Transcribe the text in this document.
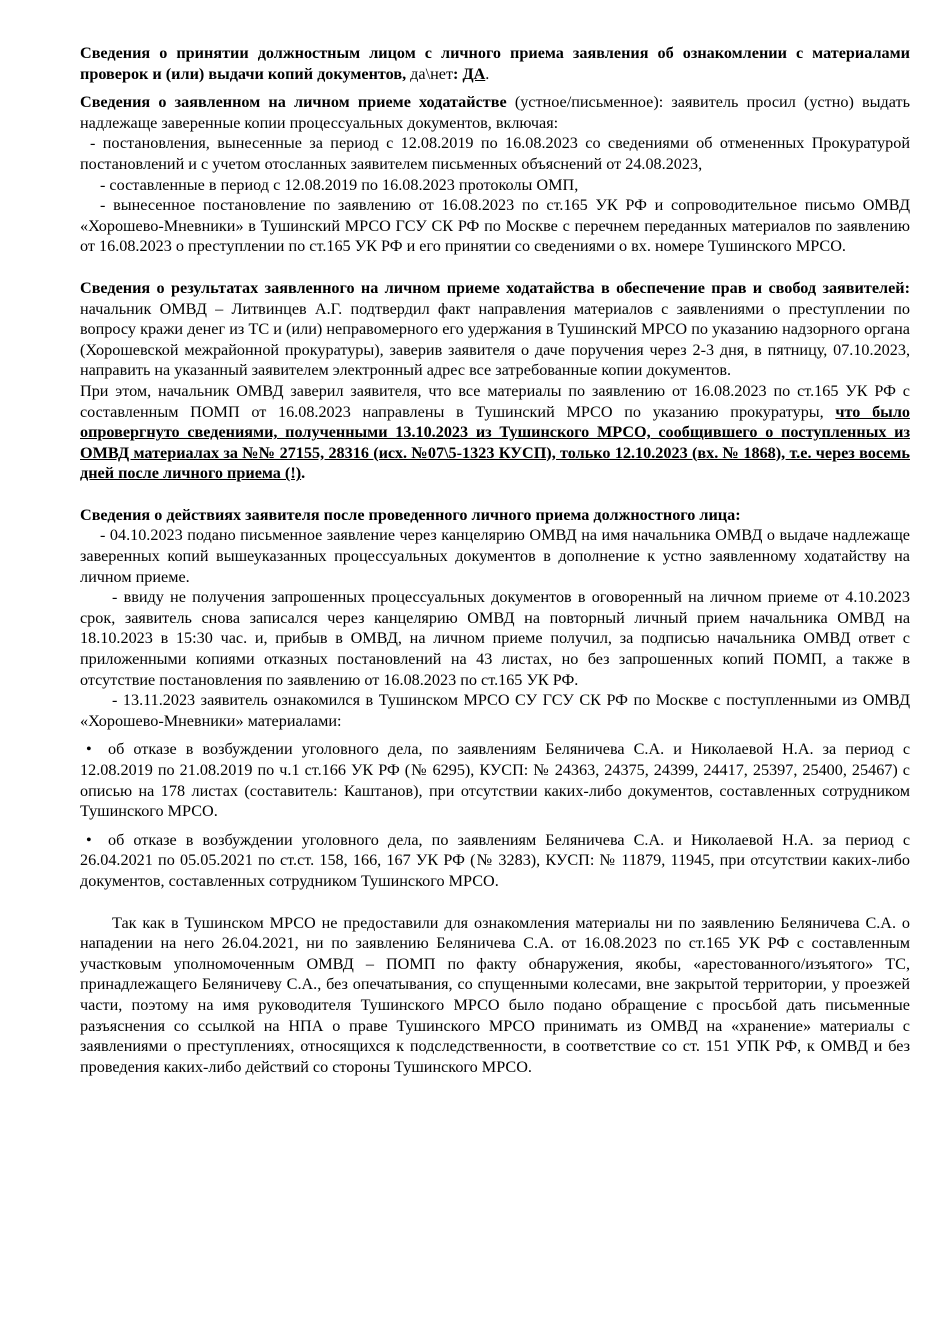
Сведения о принятии должностным лицом с личного приема заявления об ознакомлении с материалами проверок и (или) выдачи копий документов, да\нет: ДА.

Сведения о заявленном на личном приеме ходатайстве (устное/письменное): заявитель просил (устно) выдать надлежаще заверенные копии процессуальных документов, включая:

- постановления, вынесенные за период с 12.08.2019 по 16.08.2023 со сведениями об отмененных Прокуратурой постановлений и с учетом отосланных заявителем письменных объяснений от 24.08.2023,

- составленные в период с 12.08.2019 по 16.08.2023 протоколы ОМП,

- вынесенное постановление по заявлению от 16.08.2023 по ст.165 УК РФ и сопроводительное письмо ОМВД «Хорошево-Мневники» в Тушинский МРСО ГСУ СК РФ по Москве с перечнем переданных материалов по заявлению от 16.08.2023 о преступлении по ст.165 УК РФ и его принятии со сведениями о вх. номере Тушинского МРСО.

Сведения о результатах заявленного на личном приеме ходатайства в обеспечение прав и свобод заявителей: начальник ОМВД – Литвинцев А.Г. подтвердил факт направления материалов с заявлениями о преступлении по вопросу кражи денег из ТС и (или) неправомерного его удержания в Тушинский МРСО по указанию надзорного органа (Хорошевской межрайонной прокуратуры), заверив заявителя о даче поручения через 2-3 дня, в пятницу, 07.10.2023, направить на указанный заявителем электронный адрес все затребованные копии документов.

При этом, начальник ОМВД заверил заявителя, что все материалы по заявлению от 16.08.2023 по ст.165 УК РФ с составленным ПОМП от 16.08.2023 направлены в Тушинский МРСО по указанию прокуратуры, что было опровергнуто сведениями, полученными 13.10.2023 из Тушинского МРСО, сообщившего о поступленных из ОМВД материалах за №№ 27155, 28316 (исх. №07\5-1323 КУСП), только 12.10.2023 (вх. № 1868), т.е. через восемь дней после личного приема (!).

Сведения о действиях заявителя после проведенного личного приема должностного лица:

- 04.10.2023 подано письменное заявление через канцелярию ОМВД на имя начальника ОМВД о выдаче надлежаще заверенных копий вышеуказанных процессуальных документов в дополнение к устно заявленному ходатайству на личном приеме.

- ввиду не получения запрошенных процессуальных документов в оговоренный на личном приеме от 4.10.2023 срок, заявитель снова записался через канцелярию ОМВД на повторный личный прием начальника ОМВД на 18.10.2023 в 15:30 час. и, прибыв в ОМВД, на личном приеме получил, за подписью начальника ОМВД ответ с приложенными копиями отказных постановлений на 43 листах, но без запрошенных копий ПОМП, а также в отсутствие постановления по заявлению от 16.08.2023 по ст.165 УК РФ.

- 13.11.2023 заявитель ознакомился в Тушинском МРСО СУ ГСУ СК РФ по Москве с поступленными из ОМВД «Хорошево-Мневники» материалами:

• об отказе в возбуждении уголовного дела, по заявлениям Беляничева С.А. и Николаевой Н.А. за период с 12.08.2019 по 21.08.2019 по ч.1 ст.166 УК РФ (№ 6295), КУСП: № 24363, 24375, 24399, 24417, 25397, 25400, 25467) с описью на 178 листах (составитель: Каштанов), при отсутствии каких-либо документов, составленных сотрудником Тушинского МРСО.

• об отказе в возбуждении уголовного дела, по заявлениям Беляничева С.А. и Николаевой Н.А. за период с 26.04.2021 по 05.05.2021 по ст.ст. 158, 166, 167 УК РФ (№ 3283), КУСП: № 11879, 11945, при отсутствии каких-либо документов, составленных сотрудником Тушинского МРСО.

Так как в Тушинском МРСО не предоставили для ознакомления материалы ни по заявлению Беляничева С.А. о нападении на него 26.04.2021, ни по заявлению Беляничева С.А. от 16.08.2023 по ст.165 УК РФ с составленным участковым уполномоченным ОМВД – ПОМП по факту обнаружения, якобы, «арестованного/изъятого» ТС, принадлежащего Беляничеву С.А., без опечатывания, со спущенными колесами, вне закрытой территории, у проезжей части, поэтому на имя руководителя Тушинского МРСО было подано обращение с просьбой дать письменные разъяснения со ссылкой на НПА о праве Тушинского МРСО принимать из ОМВД на «хранение» материалы с заявлениями о преступлениях, относящихся к подследственности, в соответствие со ст. 151 УПК РФ, к ОМВД и без проведения каких-либо действий со стороны Тушинского МРСО.
